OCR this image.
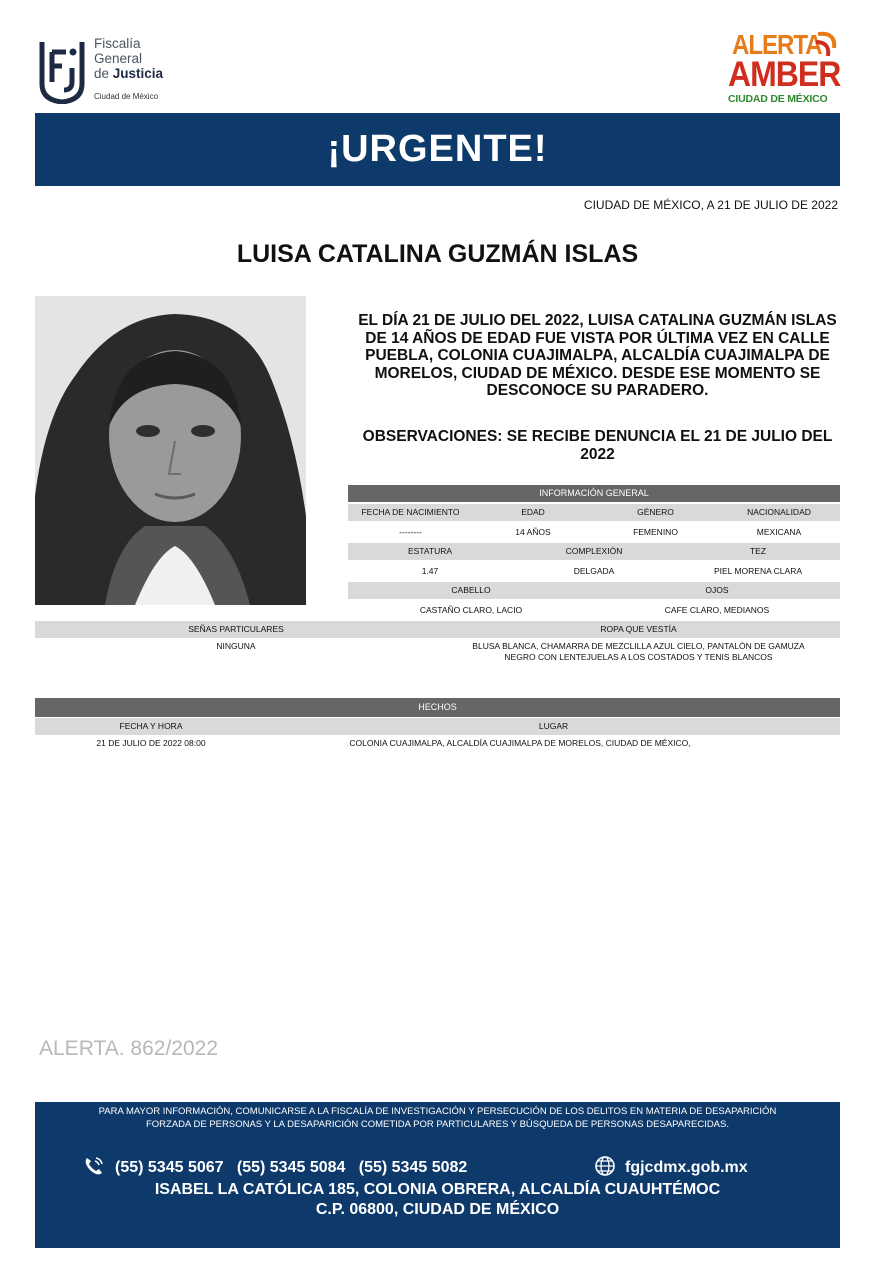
Fiscalía
General
de Justicia
Ciudad de México
ALERTA
AMBER
CIUDAD DE MÉXICO
¡URGENTE!
CIUDAD DE MÉXICO, A 21 DE JULIO DE 2022
LUISA CATALINA GUZMÁN ISLAS
EL DÍA 21 DE JULIO DEL 2022, LUISA CATALINA GUZMÁN ISLAS DE 14 AÑOS DE EDAD FUE VISTA POR ÚLTIMA VEZ EN CALLE PUEBLA, COLONIA CUAJIMALPA, ALCALDÍA CUAJIMALPA DE MORELOS, CIUDAD DE MÉXICO. DESDE ESE MOMENTO SE DESCONOCE SU PARADERO.
OBSERVACIONES: SE RECIBE DENUNCIA EL 21 DE JULIO DEL 2022
INFORMACIÓN GENERAL
FECHA DE NACIMIENTO	EDAD	GÉNERO	NACIONALIDAD
--------	14 AÑOS	FEMENINO	MEXICANA
ESTATURA	COMPLEXIÓN	TEZ
1.47	DELGADA	PIEL MORENA CLARA
CABELLO	OJOS
CASTAÑO CLARO, LACIO	CAFE CLARO, MEDIANOS
SEÑAS PARTICULARES	ROPA QUE VESTÍA
NINGUNA	BLUSA BLANCA, CHAMARRA DE MEZCLILLA AZUL CIELO, PANTALÓN DE GAMUZA
NEGRO CON LENTEJUELAS A LOS COSTADOS Y TENIS BLANCOS
HECHOS
FECHA Y HORA	LUGAR
21 DE JULIO DE 2022 08:00	COLONIA CUAJIMALPA, ALCALDÍA CUAJIMALPA DE MORELOS, CIUDAD DE MÉXICO,
ALERTA. 862/2022
PARA MAYOR INFORMACIÓN, COMUNICARSE A LA FISCALÍA DE INVESTIGACIÓN Y PERSECUCIÓN DE LOS DELITOS EN MATERIA DE DESAPARICIÓN
FORZADA DE PERSONAS Y LA DESAPARICIÓN COMETIDA POR PARTICULARES Y BÚSQUEDA DE PERSONAS DESAPARECIDAS.
(55) 5345 5067 (55) 5345 5084 (55) 5345 5082	fgjcdmx.gob.mx
ISABEL LA CATÓLICA 185, COLONIA OBRERA, ALCALDÍA CUAUHTÉMOC
C.P. 06800, CIUDAD DE MÉXICO
